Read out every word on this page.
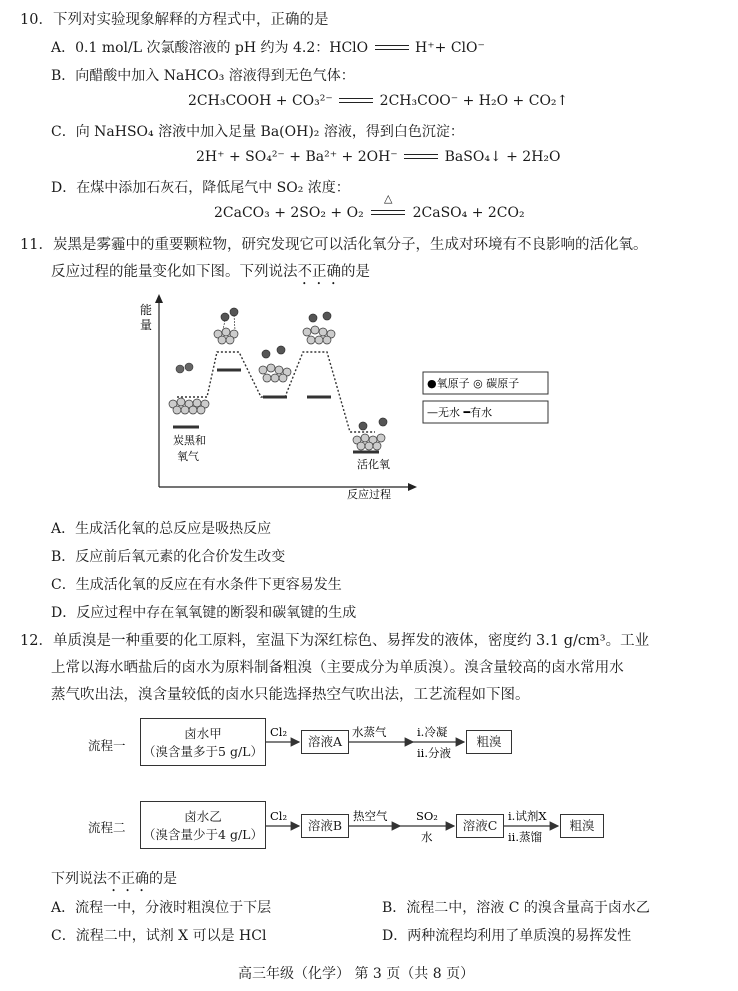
10．下列对实验现象解释的方程式中，正确的是
A．0.1 mol/L 次氯酸溶液的 pH 约为 4.2：HClO	H⁺+ ClO⁻
B．向醋酸中加入 NaHCO₃ 溶液得到无色气体：
2CH₃COOH + CO₃²⁻	2CH₃COO⁻ + H₂O + CO₂↑
C．向 NaHSO₄ 溶液中加入足量 Ba(OH)₂ 溶液，得到白色沉淀：
2H⁺ + SO₄²⁻ + Ba²⁺ + 2OH⁻	BaSO₄↓ + 2H₂O
D．在煤中添加石灰石，降低尾气中 SO₂ 浓度：
2CaCO₃ + 2SO₂ + O₂
△
2CaSO₄ + 2CO₂
11．炭黑是雾霾中的重要颗粒物，研究发现它可以活化氧分子，生成对环境有不良影响的活化氧。
反应过程的能量变化如下图。下列说法不正确的是
能
量
炭黑和
氧气
活化氧
反应过程
●氧原子 ◎ 碳原子
—无水 ━有水
A．生成活化氧的总反应是吸热反应
B．反应前后氧元素的化合价发生改变
C．生成活化氧的反应在有水条件下更容易发生
D．反应过程中存在氧氧键的断裂和碳氧键的生成
12．单质溴是一种重要的化工原料，室温下为深红棕色、易挥发的液体，密度约 3.1 g/cm³。工业
上常以海水晒盐后的卤水为原料制备粗溴（主要成分为单质溴）。溴含量较高的卤水常用水
蒸气吹出法，溴含量较低的卤水只能选择热空气吹出法，工艺流程如下图。
流程一
卤水甲
（溴含量多于5 g/L）
溶液A	粗溴
流程二
卤水乙
（溴含量少于4 g/L）
溶液B	溶液C	粗溴
Cl₂	水蒸气	i.冷凝
ii.分液
Cl₂	热空气 SO₂
水
i.试剂X
ii.蒸馏
下列说法不正确的是
A．流程一中，分液时粗溴位于下层	B．流程二中，溶液 C 的溴含量高于卤水乙
C．流程二中，试剂 X 可以是 HCl	D．两种流程均利用了单质溴的易挥发性
高三年级（化学） 第 3 页（共 8 页）
